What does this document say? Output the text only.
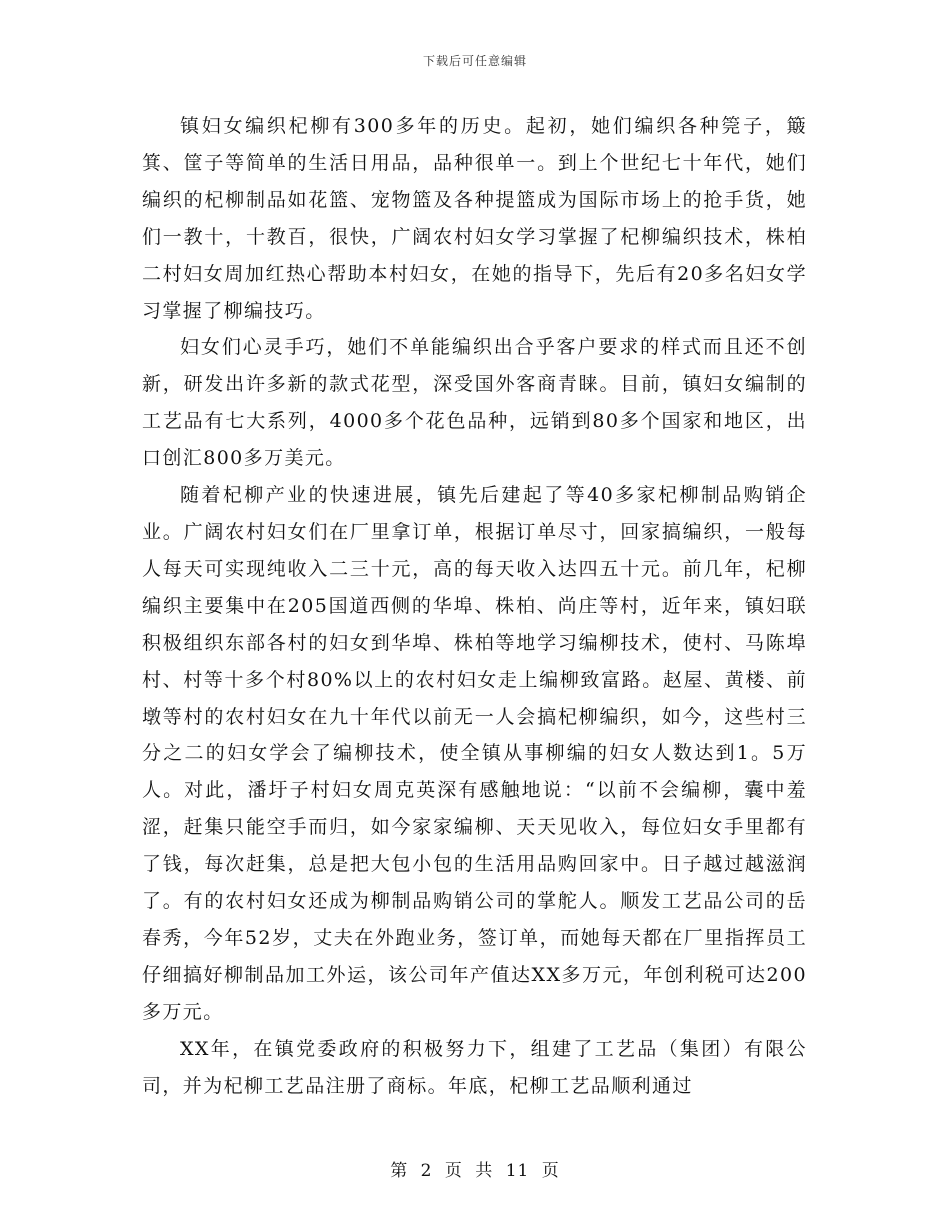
下载后可任意编辑

镇妇女编织杞柳有300多年的历史。起初，她们编织各种筦子，簸箕、筐子等简单的生活日用品，品种很单一。到上个世纪七十年代，她们编织的杞柳制品如花篮、宠物篮及各种提篮成为国际市场上的抢手货，她们一教十，十教百，很快，广阔农村妇女学习掌握了杞柳编织技术，株柏二村妇女周加红热心帮助本村妇女，在她的指导下，先后有20多名妇女学习掌握了柳编技巧。

妇女们心灵手巧，她们不单能编织出合乎客户要求的样式而且还不创新，研发出许多新的款式花型，深受国外客商青睐。目前，镇妇女编制的工艺品有七大系列，4000多个花色品种，远销到80多个国家和地区，出口创汇800多万美元。

随着杞柳产业的快速进展，镇先后建起了等40多家杞柳制品购销企业。广阔农村妇女们在厂里拿订单，根据订单尽寸，回家搞编织，一般每人每天可实现纯收入二三十元，高的每天收入达四五十元。前几年，杞柳编织主要集中在205国道西侧的华埠、株柏、尚庄等村，近年来，镇妇联积极组织东部各村的妇女到华埠、株柏等地学习编柳技术，使村、马陈埠村、村等十多个村80%以上的农村妇女走上编柳致富路。赵屋、黄楼、前墩等村的农村妇女在九十年代以前无一人会搞杞柳编织，如今，这些村三分之二的妇女学会了编柳技术，使全镇从事柳编的妇女人数达到1。5万人。对此，潘圩子村妇女周克英深有感触地说：“以前不会编柳，囊中羞涩，赶集只能空手而归，如今家家编柳、天天见收入，每位妇女手里都有了钱，每次赶集，总是把大包小包的生活用品购回家中。日子越过越滋润了。有的农村妇女还成为柳制品购销公司的掌舵人。顺发工艺品公司的岳春秀，今年52岁，丈夫在外跑业务，签订单，而她每天都在厂里指挥员工仔细搞好柳制品加工外运，该公司年产值达XX多万元，年创利税可达200多万元。

XX年，在镇党委政府的积极努力下，组建了工艺品（集团）有限公司，并为杞柳工艺品注册了商标。年底，杞柳工艺品顺利通过

第 2 页 共 11 页
